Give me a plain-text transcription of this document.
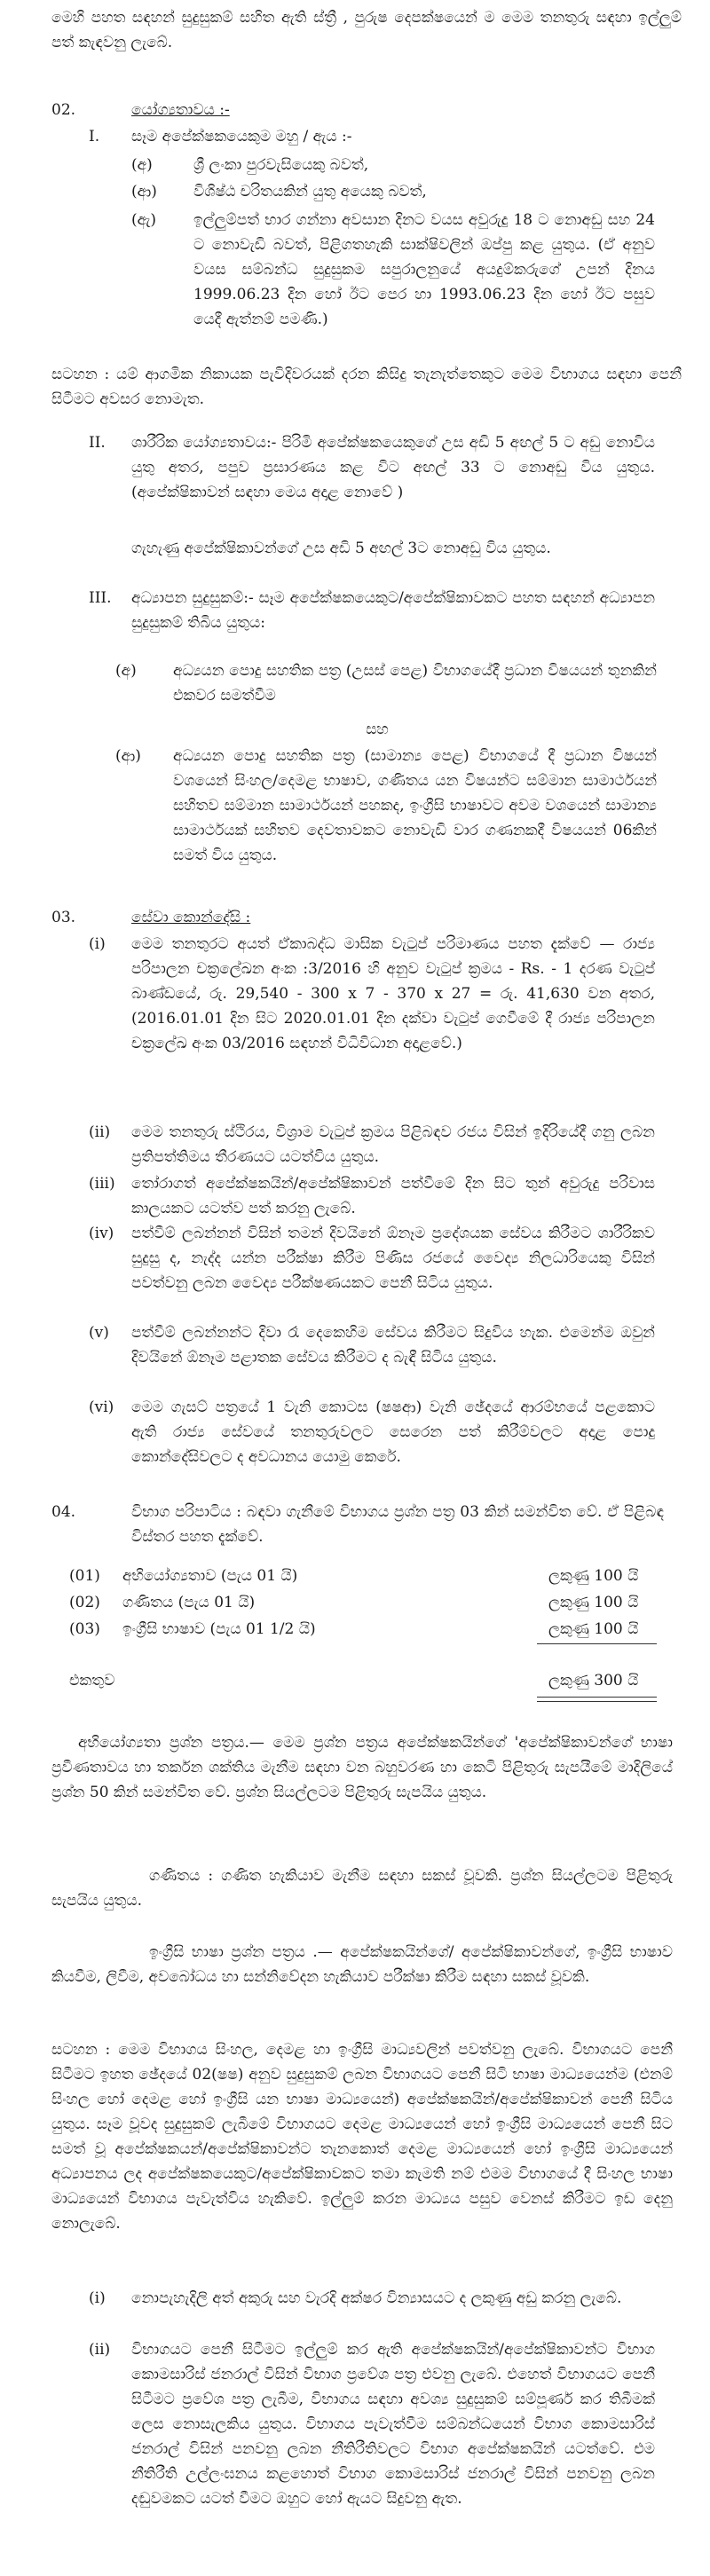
මෙහි පහත සඳහන් සුදුසුකම් සහිත ඇති ස්ත්‍රී , පුරුෂ දෙපක්ෂයෙන් ම මෙම තනතුරු සඳහා ඉල්ලුම් පත් කැඳවනු ලැබේ.
02.	යෝග්‍යතාවය :-
I. සෑම අපේක්ෂකයෙකුම මහු / ඇය :-
(අ)	ශ්‍රී ලංකා පුරවැසියෙකු බවත්,
(ආ) විශිෂ්ඨ චරිතයකින් යුතු අයෙකු බවත්,
(ඇ) ඉල්ලුම්පත් භාර ගන්නා අවසාන දිනට වයස අවුරුදු 18 ට නොඅඩු සහ 24 ට නොවැඩි බවත්, පිළිගතහැකි සාක්ෂිවලින් ඔප්පු කළ යුතුය. (ඒ අනුව වයස සම්බන්ධ සුදුසුකම සපුරාලනුයේ අයදුම්කරුගේ උපන් දිනය 1999.06.23 දින හෝ ඊට පෙර හා 1993.06.23 දින හෝ ඊට පසුව යෙදී ඇත්නම් පමණි.)
සටහන : යම් ආගමික නිකායක පැවිදිවරයක් දරන කිසිදු තැනැත්තෙකුට මෙම විභාගය සඳහා පෙනී සිටීමට අවසර නොමැත.
II. ශාරීරික යෝග්‍යතාවය:- පිරිමි අපේක්ෂකයෙකුගේ උස අඩි 5 අඟල් 5 ට අඩු නොවිය යුතු අතර, පපුව ප්‍රසාරණය කළ විට අඟල් 33 ට නොඅඩු විය යුතුය. (අපේක්ෂිකාවන් සඳහා මෙය අදාළ නොවේ )
ගැහැණු අපේක්ෂිකාවන්ගේ උස අඩි 5 අඟල් 3ට නොඅඩු විය යුතුය.
III. අධ්‍යාපන සුදුසුකම්:- සෑම අපේක්ෂකයෙකුට/අපේක්ෂිකාවකට පහත සඳහන් අධ්‍යාපන සුදුසුකම් තිබිය යුතුය:
(අ) අධ්‍යයන පොදු සහතික පත්‍ර (උසස් පෙළ) විභාගයේදී ප්‍රධාන විෂයයන් තුනකින් එකවර සමත්වීම
සහ
(ආ) අධ්‍යයන පොදු සහතික පත්‍ර (සාමාන්‍ය පෙළ) විභාගයේ දී ප්‍රධාන විෂයන් වශයෙන් සිංහල/දෙමළ භාෂාව, ගණිතය යන විෂයන්ට සම්මාන සාමාර්ථයන් සහිතව සම්මාන සාමාර්ථයන් පහකද, ඉංග්‍රීසි භාෂාවට අවම වශයෙන් සාමාන්‍ය සාමාර්ථයක් සහිතව දෙවතාවකට නොවැඩි වාර ගණනකදී විෂයයන් 06කින් සමත් විය යුතුය.
03.	සේවා කොන්දේසි :
(i) මෙම තනතුරට අයත් ඒකාබද්ධ මාසික වැටුප් පරිමාණය පහත දැක්වේ — රාජ්‍ය පරිපාලන චක්‍රලේඛන අංක :3/2016 හි අනුව වැටුප් ක්‍රමය - Rs. - 1 දරණ වැටුප් බාණ්ඩයේ, රු. 29,540 - 300 x 7 - 370 x 27 = රු. 41,630 වන අතර, (2016.01.01 දින සිට 2020.01.01 දින දක්වා වැටුප් ගෙවීමේ දී රාජ්‍ය පරිපාලන චක්‍රලේඛ අංක 03/2016 සඳහන් විධිවිධාන අදාළවේ.)
(ii) මෙම තනතුරු ස්ථිරය, විශ්‍රාම වැටුප් ක්‍රමය පිළිබඳව රජය විසින් ඉදිරියේදී ගනු ලබන ප්‍රතිපත්තිමය තීරණයට යටත්විය යුතුය.
(iii) තෝරාගත් අපේක්ෂකයින්/අපේක්ෂිකාවන් පත්වීමේ දින සිට තුන් අවුරුදු පරිවාස කාලයකට යටත්ව පත් කරනු ලැබේ.
(iv) පත්වීම් ලබන්නන් විසින් තමන් දිවයිනේ ඕනෑම ප්‍රදේශයක සේවය කිරීමට ශාරීරිකව සුදුසු ද, නැද්ද යන්න පරීක්ෂා කිරීම පිණිස රජයේ වෛද්‍ය නිලධාරියෙකු විසින් පවත්වනු ලබන වෛද්‍ය පරීක්ෂණයකට පෙනී සිටිය යුතුය.
(v) පත්වීම් ලබන්නන්ට දිවා රෑ දෙකෙහිම සේවය කිරීමට සිදුවිය හැක. එමෙන්ම ඔවුන් දිවයිනේ ඕනෑම පළාතක සේවය කිරීමට ද බැඳී සිටිය යුතුය.
(vi) මෙම ගැසට් පත්‍රයේ 1 වැනි කොටස (ෂෂආ) වැනි ඡේදයේ ආරම්භයේ පළකොට ඇති රාජ්‍ය සේවයේ තනතුරුවලට සෙරෙන පත් කිරීම්වලට අදාළ පොදු කොන්දේසිවලට ද අවධානය යොමු කෙරේ.
04.	විභාග පරිපාටිය : බඳවා ගැනීමේ විභාගය ප්‍රශ්න පත්‍ර 03 කින් සමන්විත වේ. ඒ පිළිබඳ විස්තර පහත දැක්වේ.
(01) අභියෝග්‍යතාව (පැය 01 යි)	ලකුණු 100 යි
(02) ගණිතය (පැය 01 යි)	ලකුණු 100 යි
(03) ඉංග්‍රීසි භාෂාව (පැය 01 1/2 යි)	ලකුණු 100 යි
එකතුව	ලකුණු 300 යි
අභියෝග්‍යතා ප්‍රශ්න පත්‍රය.— මෙම ප්‍රශ්න පත්‍රය අපේක්ෂකයින්ගේ 'අපේක්ෂිකාවන්ගේ භාෂා ප්‍රවීණතාවය හා තර්කන ශක්තිය මැනීම සඳහා වන බහුවරණ හා කෙටි පිළිතුරු සැපයීමේ මාදිලියේ ප්‍රශ්න 50 කින් සමන්විත වේ. ප්‍රශ්න සියල්ලටම පිළිතුරු සැපයිය යුතුය.
ගණිතය : ගණිත හැකියාව මැනීම සඳහා සකස් වූවකි. ප්‍රශ්න සියල්ලටම පිළිතුරු සැපයිය යුතුය.
ඉංග්‍රීසි භාෂා ප්‍රශ්න පත්‍රය .— අපේක්ෂකයින්ගේ/ අපේක්ෂිකාවන්ගේ, ඉංග්‍රීසි භාෂාව කියවීම, ලිවීම, අවබෝධය හා සන්නිවේදන හැකියාව පරීක්ෂා කිරීම සඳහා සකස් වූවකි.
සටහන : මෙම විභාගය සිංහල, දෙමළ හා ඉංග්‍රීසි මාධ්‍යවලින් පවත්වනු ලැබේ. විභාගයට පෙනී සිටීමට ඉහත ඡේදයේ 02(ෂෂ) අනුව සුදුසුකම් ලබන විභාගයට පෙනී සිටි භාෂා මාධ්‍යයෙන්ම (එනම් සිංහල හෝ දෙමළ හෝ ඉංග්‍රීසි යන භාෂා මාධ්‍යයෙන්) අපේක්ෂකයින්/අපේක්ෂිකාවන් පෙනී සිටිය යුතුය. සෑම වූවද සුදුසුකම් ලැබීමේ විභාගයට දෙමළ මාධ්‍යයෙන් හෝ ඉංග්‍රීසි මාධ්‍යයෙන් පෙනී සිට සමත් වූ අපේක්ෂකයන්/අපේක්ෂිකාවන්ට තැනකොත් දෙමළ මාධ්‍යයෙන් හෝ ඉංග්‍රීසි මාධ්‍යයෙන් අධ්‍යාපනය ලද අපේක්ෂකයෙකුට/අපේක්ෂිකාවකට තමා කැමති නම් එමම විභාගයේ දී සිංහල භාෂා මාධ්‍යයෙන් විභාගය පැවැත්විය හැකිවේ. ඉල්ලුම් කරන මාධ්‍යය පසුව වෙනස් කිරීමට ඉඩ දෙනු නොලැබේ.
(i) නොපැහැදිලි අත් අකුරු සහ වැරදි අක්ෂර වින්‍යාසයට ද ලකුණු අඩු කරනු ලැබේ.
(ii) විභාගයට පෙනී සිටීමට ඉල්ලුම් කර ඇති අපේක්ෂකයින්/අපේක්ෂිකාවන්ට විභාග කොමසාරිස් ජනරාල් විසින් විභාග ප්‍රවේශ පත්‍ර එවනු ලැබේ. එහෙත් විභාගයට පෙනී සිටීමට ප්‍රවේශ පත්‍ර ලැබීම, විභාගය සඳහා අවශ්‍ය සුදුසුකම් සම්පූර්ණ කර තිබීමක් ලෙස නොසැලකිය යුතුය. විභාගය පැවැත්වීම සම්බන්ධයෙන් විභාග කොමසාරිස් ජනරාල් විසින් පනවනු ලබන නීතිරීතිවලට විභාග අපේක්ෂකයින් යටත්වේ. එම නීතිරීති උල්ලංඝනය කළහොත් විභාග කොමසාරිස් ජනරාල් විසින් පනවනු ලබන දඬුවමකට යටත් වීමට ඔහුට හෝ ඇයට සිදුවනු ඇත.
